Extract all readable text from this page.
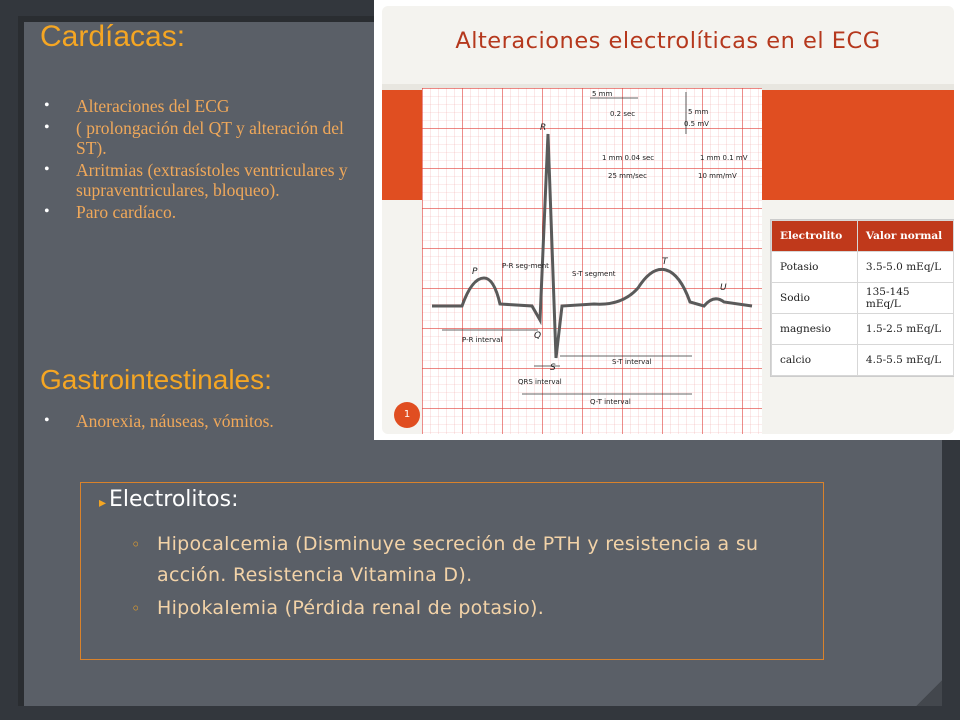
Cardíacas:
• Alteraciones del ECG
• ( prolongación del QT y alteración del ST).
• Arritmias (extrasístoles ventriculares y supraventriculares, bloqueo).
• Paro cardíaco.
Gastrointestinales:
• Anorexia, náuseas, vómitos.
Alteraciones electrolíticas en el ECG
5 mm
0.2 sec	5 mm
0.5 mV
1 mm 0.04 sec
25 mm/sec
1 mm 0.1 mV
10 mm/mV
R
P
T
U
Q
S
P-R seg-ment
S-T segment
P-R interval
S-T interval
QRS interval
Q-T interval
Electrolito	Valor normal
Potasio	3.5-5.0 mEq/L
Sodio	135-145 mEq/L
magnesio	1.5-2.5 mEq/L
calcio	4.5-5.5 mEq/L
1
▸ Electrolitos:
◦ Hipocalcemia (Disminuye secreción de PTH y resistencia a su acción. Resistencia Vitamina D).
◦ Hipokalemia (Pérdida renal de potasio).
